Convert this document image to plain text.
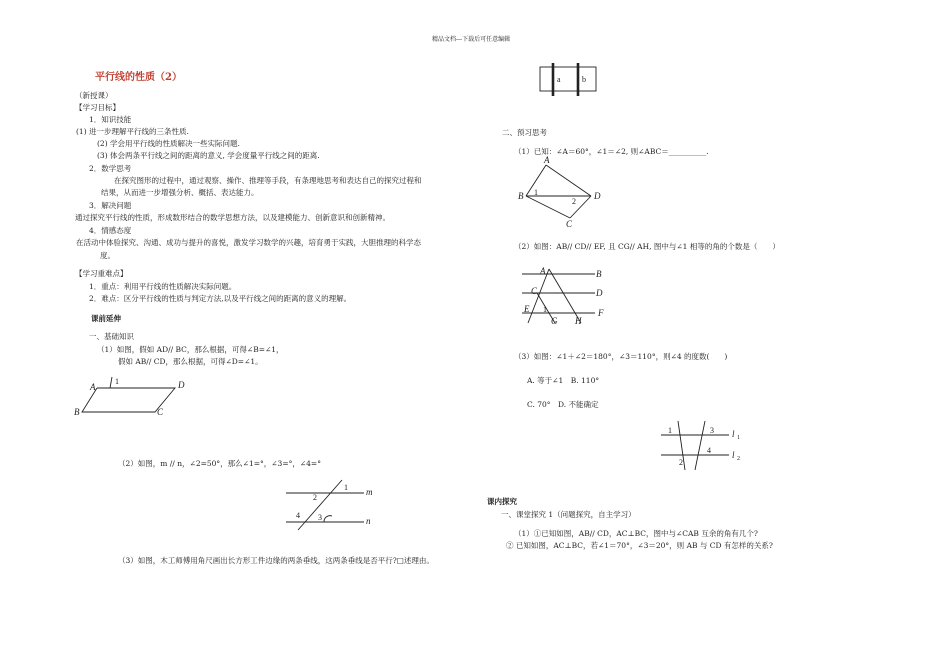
精品文档---下载后可任意编辑
平行线的性质（2）
（新授课）
【学习目标】
1．知识技能
(1) 进一步理解平行线的三条性质.
(2) 学会用平行线的性质解决一些实际问题.
(3) 体会两条平行线之间的距离的意义, 学会度量平行线之间的距离.
2．数学思考
在探究图形的过程中，通过观察、操作、推理等手段，有条理地思考和表达自己的探究过程和
结果，从而进一步增强分析、概括、表达能力。
3．解决问题
通过探究平行线的性质，形成数形结合的数学思想方法，以及建模能力、创新意识和创新精神。
4．情感态度
在活动中体验探究、沟通、成功与提升的喜悦，激发学习数学的兴趣，培育勇于实践，大胆推理的科学态
度。
【学习重难点】
1．重点：利用平行线的性质解决实际问题。
2．难点：区分平行线的性质与判定方法,以及平行线之间的距离的意义的理解。
课前延伸
一、基础知识
（1）如图，假如 AD// BC，那么根据，可得∠B=∠1，
假如 AB// CD，那么根据，可得∠D=∠1。
A
1	D
B	C
（2）如图，m // n，∠2=50°，那么∠1=°，∠3=°，∠4=°
1 m
2
4 3	n
（3）如图，木工师傅用角尺画出长方形工件边缘的两条垂线，这两条垂线是否平行?□述理由。
a	b
二、预习思考
（1）已知：∠A＝60°，∠1＝∠2, 则∠ABC＝__________.
A
B 1
2
D
C
（2）如图：AB// CD// EF, 且 CG// AH, 图中与∠1 相等的角的个数是（　　）
A	B
C	D
E 1	F
G H
（3）如图：∠1＋∠2＝180°，∠3＝110°，则∠4 的度数(　　)
A. 等于∠1　B. 110°
C. 70°　D. 不能确定
1	3 l 1
2
4 l 2
课内探究
一、课堂探究 1（问题探究，自主学习）
（1）①已知如图，AB// CD，AC⊥BC，图中与∠CAB 互余的角有几个?
② 已知如图，AC⊥BC，若∠1＝70°，∠3＝20°，则 AB 与 CD 有怎样的关系?
